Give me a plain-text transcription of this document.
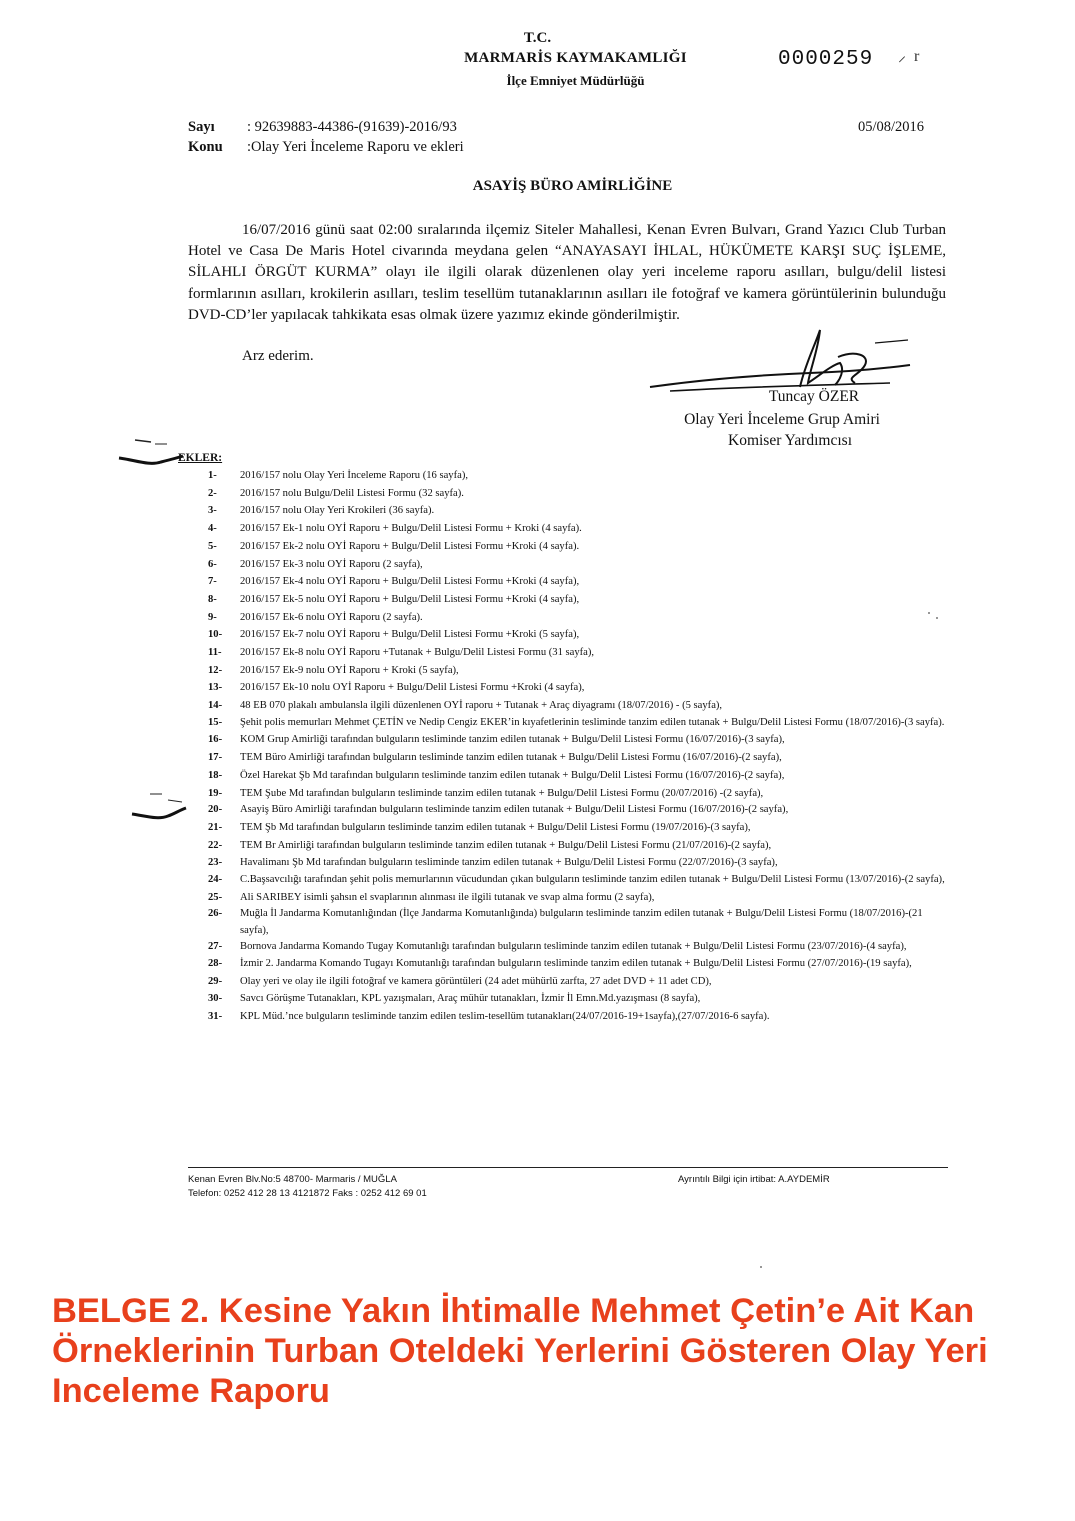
T.C.
MARMARİS KAYMAKAMLIĞI
İlçe Emniyet Müdürlüğü
0000259 ⸝  r
Sayı : 92639883-44386-(91639)-2016/93
Konu :Olay Yeri İnceleme Raporu ve ekleri
05/08/2016
ASAYİŞ BÜRO AMİRLİĞİNE
16/07/2016 günü saat 02:00 sıralarında ilçemiz Siteler Mahallesi, Kenan Evren Bulvarı, Grand Yazıcı Club Turban Hotel ve Casa De Maris Hotel civarında meydana gelen “ANAYASAYI İHLAL, HÜKÜMETE KARŞI SUÇ İŞLEME, SİLAHLI ÖRGÜT KURMA” olayı ile ilgili olarak düzenlenen olay yeri inceleme raporu asılları, bulgu/delil listesi formlarının asılları, krokilerin asılları, teslim tesellüm tutanaklarının asılları ile fotoğraf ve kamera görüntülerinin bulunduğu DVD-CD’ler yapılacak tahkikata esas olmak üzere yazımız ekinde gönderilmiştir.
Arz ederim.
Tuncay ÖZER
Olay Yeri İnceleme Grup Amiri
Komiser Yardımcısı
EKLER:
1- 2016/157 nolu Olay Yeri İnceleme Raporu (16 sayfa),
2- 2016/157 nolu Bulgu/Delil Listesi Formu (32 sayfa).
3- 2016/157 nolu Olay Yeri Krokileri (36 sayfa).
4- 2016/157 Ek-1 nolu OYİ Raporu + Bulgu/Delil Listesi Formu + Kroki (4 sayfa).
5- 2016/157 Ek-2 nolu OYİ Raporu + Bulgu/Delil Listesi Formu +Kroki (4 sayfa).
6- 2016/157 Ek-3 nolu OYİ Raporu (2 sayfa),
7- 2016/157 Ek-4 nolu OYİ Raporu + Bulgu/Delil Listesi Formu +Kroki (4 sayfa),
8- 2016/157 Ek-5 nolu OYİ Raporu + Bulgu/Delil Listesi Formu +Kroki (4 sayfa),
9- 2016/157 Ek-6 nolu OYİ Raporu (2 sayfa).
10- 2016/157 Ek-7 nolu OYİ Raporu + Bulgu/Delil Listesi Formu +Kroki (5 sayfa),
11- 2016/157 Ek-8 nolu OYİ Raporu +Tutanak + Bulgu/Delil Listesi Formu (31 sayfa),
12- 2016/157 Ek-9 nolu OYİ Raporu + Kroki (5 sayfa),
13- 2016/157 Ek-10 nolu OYİ Raporu + Bulgu/Delil Listesi Formu +Kroki (4 sayfa),
14- 48 EB 070 plakalı ambulansla ilgili düzenlenen OYİ raporu + Tutanak + Araç diyagramı (18/07/2016) - (5 sayfa),
15- Şehit polis memurları Mehmet ÇETİN ve Nedip Cengiz EKER’in kıyafetlerinin tesliminde tanzim edilen tutanak + Bulgu/Delil Listesi Formu (18/07/2016)-(3 sayfa).
16- KOM Grup Amirliği tarafından bulguların tesliminde tanzim edilen tutanak + Bulgu/Delil Listesi Formu (16/07/2016)-(3 sayfa),
17- TEM Büro Amirliği tarafından bulguların tesliminde tanzim edilen tutanak + Bulgu/Delil Listesi Formu (16/07/2016)-(2 sayfa),
18- Özel Harekat Şb Md tarafından bulguların tesliminde tanzim edilen tutanak + Bulgu/Delil Listesi Formu (16/07/2016)-(2 sayfa),
19- TEM Şube Md tarafından bulguların tesliminde tanzim edilen tutanak + Bulgu/Delil Listesi Formu (20/07/2016) -(2 sayfa),
20- Asayiş Büro Amirliği tarafından bulguların tesliminde tanzim edilen tutanak + Bulgu/Delil Listesi Formu (16/07/2016)-(2 sayfa),
21- TEM Şb Md tarafından bulguların tesliminde tanzim edilen tutanak + Bulgu/Delil Listesi Formu (19/07/2016)-(3 sayfa),
22- TEM Br Amirliği tarafından bulguların tesliminde tanzim edilen tutanak + Bulgu/Delil Listesi Formu (21/07/2016)-(2 sayfa),
23- Havalimanı Şb Md tarafından bulguların tesliminde tanzim edilen tutanak + Bulgu/Delil Listesi Formu (22/07/2016)-(3 sayfa),
24- C.Başsavcılığı tarafından şehit polis memurlarının vücudundan çıkan bulguların tesliminde tanzim edilen tutanak + Bulgu/Delil Listesi Formu (13/07/2016)-(2 sayfa),
25- Ali SARIBEY isimli şahsın el svaplarının alınması ile ilgili tutanak ve svap alma formu (2 sayfa),
26- Muğla İl Jandarma Komutanlığından (İlçe Jandarma Komutanlığında) bulguların tesliminde tanzim edilen tutanak + Bulgu/Delil Listesi Formu (18/07/2016)-(21 sayfa),
27- Bornova Jandarma Komando Tugay Komutanlığı tarafından bulguların tesliminde tanzim edilen tutanak + Bulgu/Delil Listesi Formu (23/07/2016)-(4 sayfa),
28- İzmir 2. Jandarma Komando Tugayı Komutanlığı tarafından bulguların tesliminde tanzim edilen tutanak + Bulgu/Delil Listesi Formu (27/07/2016)-(19 sayfa),
29- Olay yeri ve olay ile ilgili fotoğraf ve kamera görüntüleri (24 adet mühürlü zarfta, 27 adet DVD + 11 adet CD),
30- Savcı Görüşme Tutanakları, KPL yazışmaları, Araç mühür tutanakları, İzmir İl Emn.Md.yazışması (8 sayfa),
31- KPL Müd.’nce bulguların tesliminde tanzim edilen teslim-tesellüm tutanakları(24/07/2016-19+1sayfa),(27/07/2016-6 sayfa).
Kenan Evren Blv.No:5 48700- Marmaris / MUĞLA
Telefon: 0252 412 28 13 4121872 Faks : 0252 412 69 01
Ayrıntılı Bilgi için irtibat: A.AYDEMİR
BELGE 2. Kesine Yakın İhtimalle Mehmet Çetin’e Ait Kan Örneklerinin Turban Oteldeki Yerlerini Gösteren Olay Yeri Inceleme Raporu
